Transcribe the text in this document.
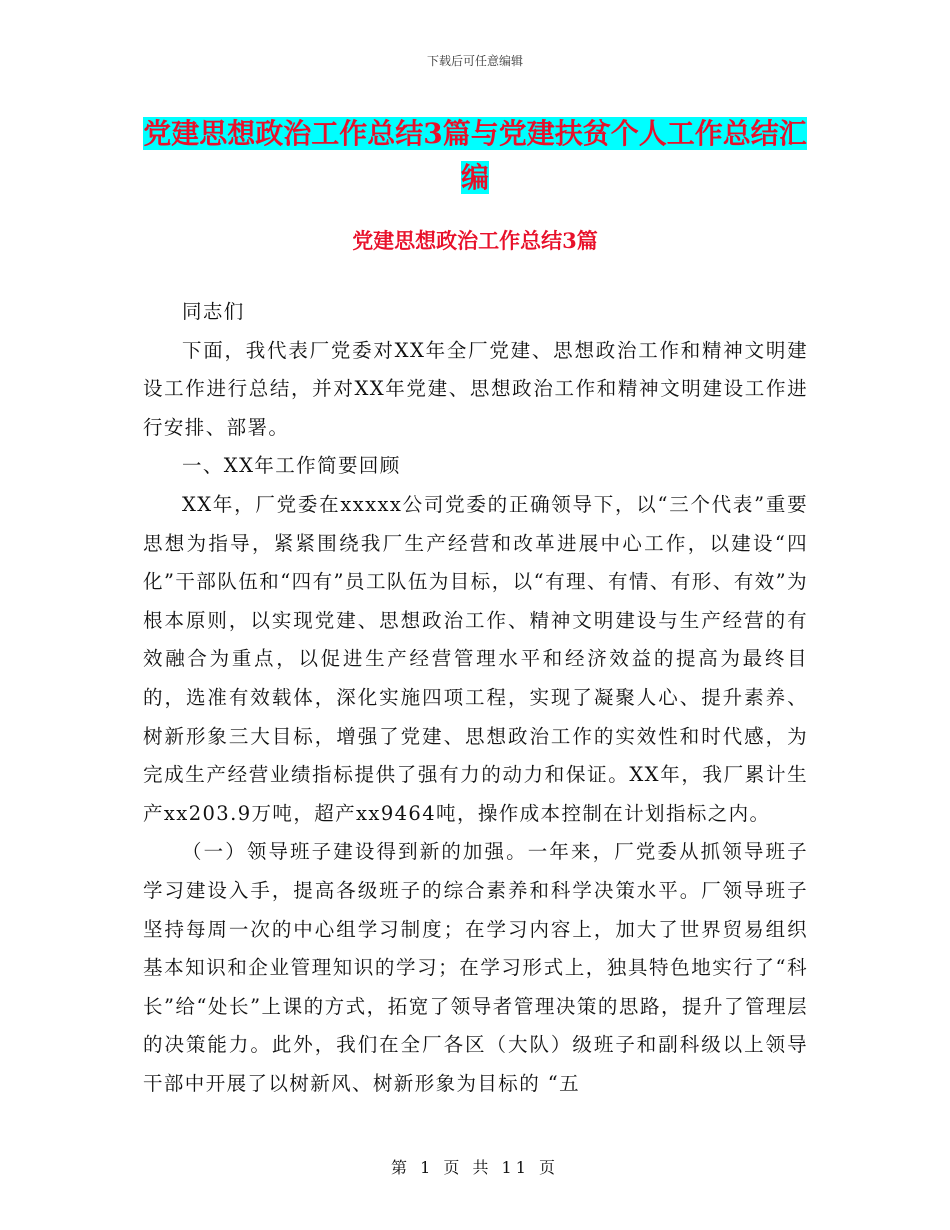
下载后可任意编辑
党建思想政治工作总结3篇与党建扶贫个人工作总结汇编
党建思想政治工作总结3篇

同志们

下面，我代表厂党委对XX年全厂党建、思想政治工作和精神文明建设工作进行总结，并对XX年党建、思想政治工作和精神文明建设工作进行安排、部署。

一、XX年工作简要回顾

XX年，厂党委在xxxxx公司党委的正确领导下，以“三个代表”重要思想为指导，紧紧围绕我厂生产经营和改革进展中心工作，以建设“四化”干部队伍和“四有”员工队伍为目标，以“有理、有情、有形、有效”为根本原则，以实现党建、思想政治工作、精神文明建设与生产经营的有效融合为重点，以促进生产经营管理水平和经济效益的提高为最终目的，选准有效载体，深化实施四项工程，实现了凝聚人心、提升素养、树新形象三大目标，增强了党建、思想政治工作的实效性和时代感，为完成生产经营业绩指标提供了强有力的动力和保证。XX年，我厂累计生产xx203.9万吨，超产xx9464吨，操作成本控制在计划指标之内。

（一）领导班子建设得到新的加强。一年来，厂党委从抓领导班子学习建设入手，提高各级班子的综合素养和科学决策水平。厂领导班子坚持每周一次的中心组学习制度；在学习内容上，加大了世界贸易组织基本知识和企业管理知识的学习；在学习形式上，独具特色地实行了“科长”给“处长”上课的方式，拓宽了领导者管理决策的思路，提升了管理层的决策能力。此外，我们在全厂各区（大队）级班子和副科级以上领导干部中开展了以树新风、树新形象为目标的 “五

第 1 页 共 11 页
